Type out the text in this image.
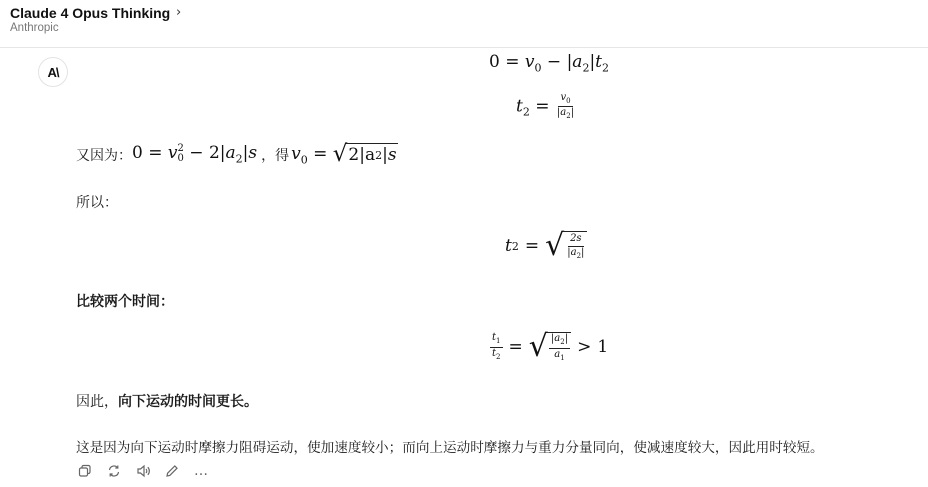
Claude 4 Opus Thinking ›
Anthropic
A\	$0 = v_0 - |a_2|t_2$
$t_2 = \frac{v_0}{|a_2|}$
又因为： 0 = v 2
$0 - 2|a_2|s$ ，得 $v_0$ = √ 2|a 2 |s
所以：
t 2 = √ $\frac{2s}{|a_2|}$
比较两个时间：
$\frac{t_1}{t_2}$ = √ $\frac{|a_2|}{a_1} > 1$
因此，向下运动的时间更长。
这是因为向下运动时摩擦力阻碍运动，使加速度较小；而向上运动时摩擦力与重力分量同向，使减速度较大，因此用时较短。
…
